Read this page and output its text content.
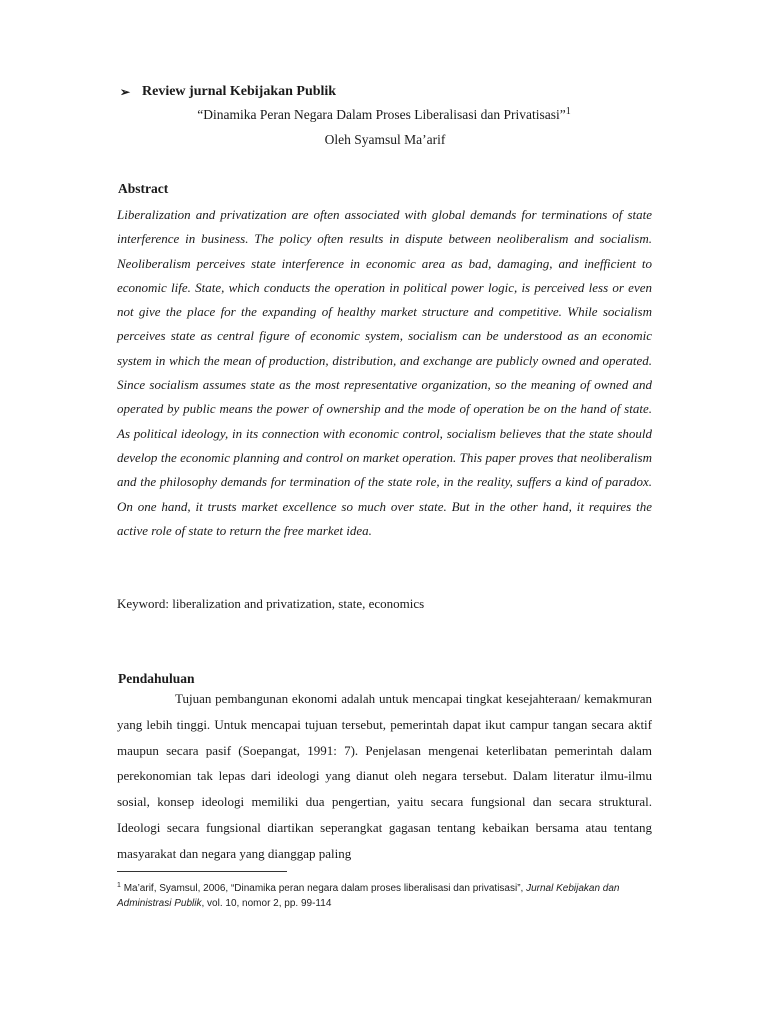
➢ Review jurnal Kebijakan Publik
“Dinamika Peran Negara Dalam Proses Liberalisasi dan Privatisasi”$^1$
Oleh Syamsul Ma’arif
Abstract
Liberalization and privatization are often associated with global demands for terminations of state interference in business. The policy often results in dispute between neoliberalism and socialism. Neoliberalism perceives state interference in economic area as bad, damaging, and inefficient to economic life. State, which conducts the operation in political power logic, is perceived less or even not give the place for the expanding of healthy market structure and competitive. While socialism perceives state as central figure of economic system, socialism can be understood as an economic system in which the mean of production, distribution, and exchange are publicly owned and operated. Since socialism assumes state as the most representative organization, so the meaning of owned and operated by public means the power of ownership and the mode of operation be on the hand of state. As political ideology, in its connection with economic control, socialism believes that the state should develop the economic planning and control on market operation. This paper proves that neoliberalism and the philosophy demands for termination of the state role, in the reality, suffers a kind of paradox. On one hand, it trusts market excellence so much over state. But in the other hand, it requires the active role of state to return the free market idea.
Keyword: liberalization and privatization, state, economics
Pendahuluan

Tujuan pembangunan ekonomi adalah untuk mencapai tingkat kesejahteraan/ kemakmuran yang lebih tinggi. Untuk mencapai tujuan tersebut, pemerintah dapat ikut campur tangan secara aktif maupun secara pasif (Soepangat, 1991: 7). Penjelasan mengenai keterlibatan pemerintah dalam perekonomian tak lepas dari ideologi yang dianut oleh negara tersebut. Dalam literatur ilmu-ilmu sosial, konsep ideologi memiliki dua pengertian, yaitu secara fungsional dan secara struktural. Ideologi secara fungsional diartikan seperangkat gagasan tentang kebaikan bersama atau tentang masyarakat dan negara yang dianggap paling

$^1$ Ma’arif, Syamsul, 2006, “Dinamika peran negara dalam proses liberalisasi dan privatisasi”, Jurnal Kebijakan dan Administrasi Publik, vol. 10, nomor 2, pp. 99-114
